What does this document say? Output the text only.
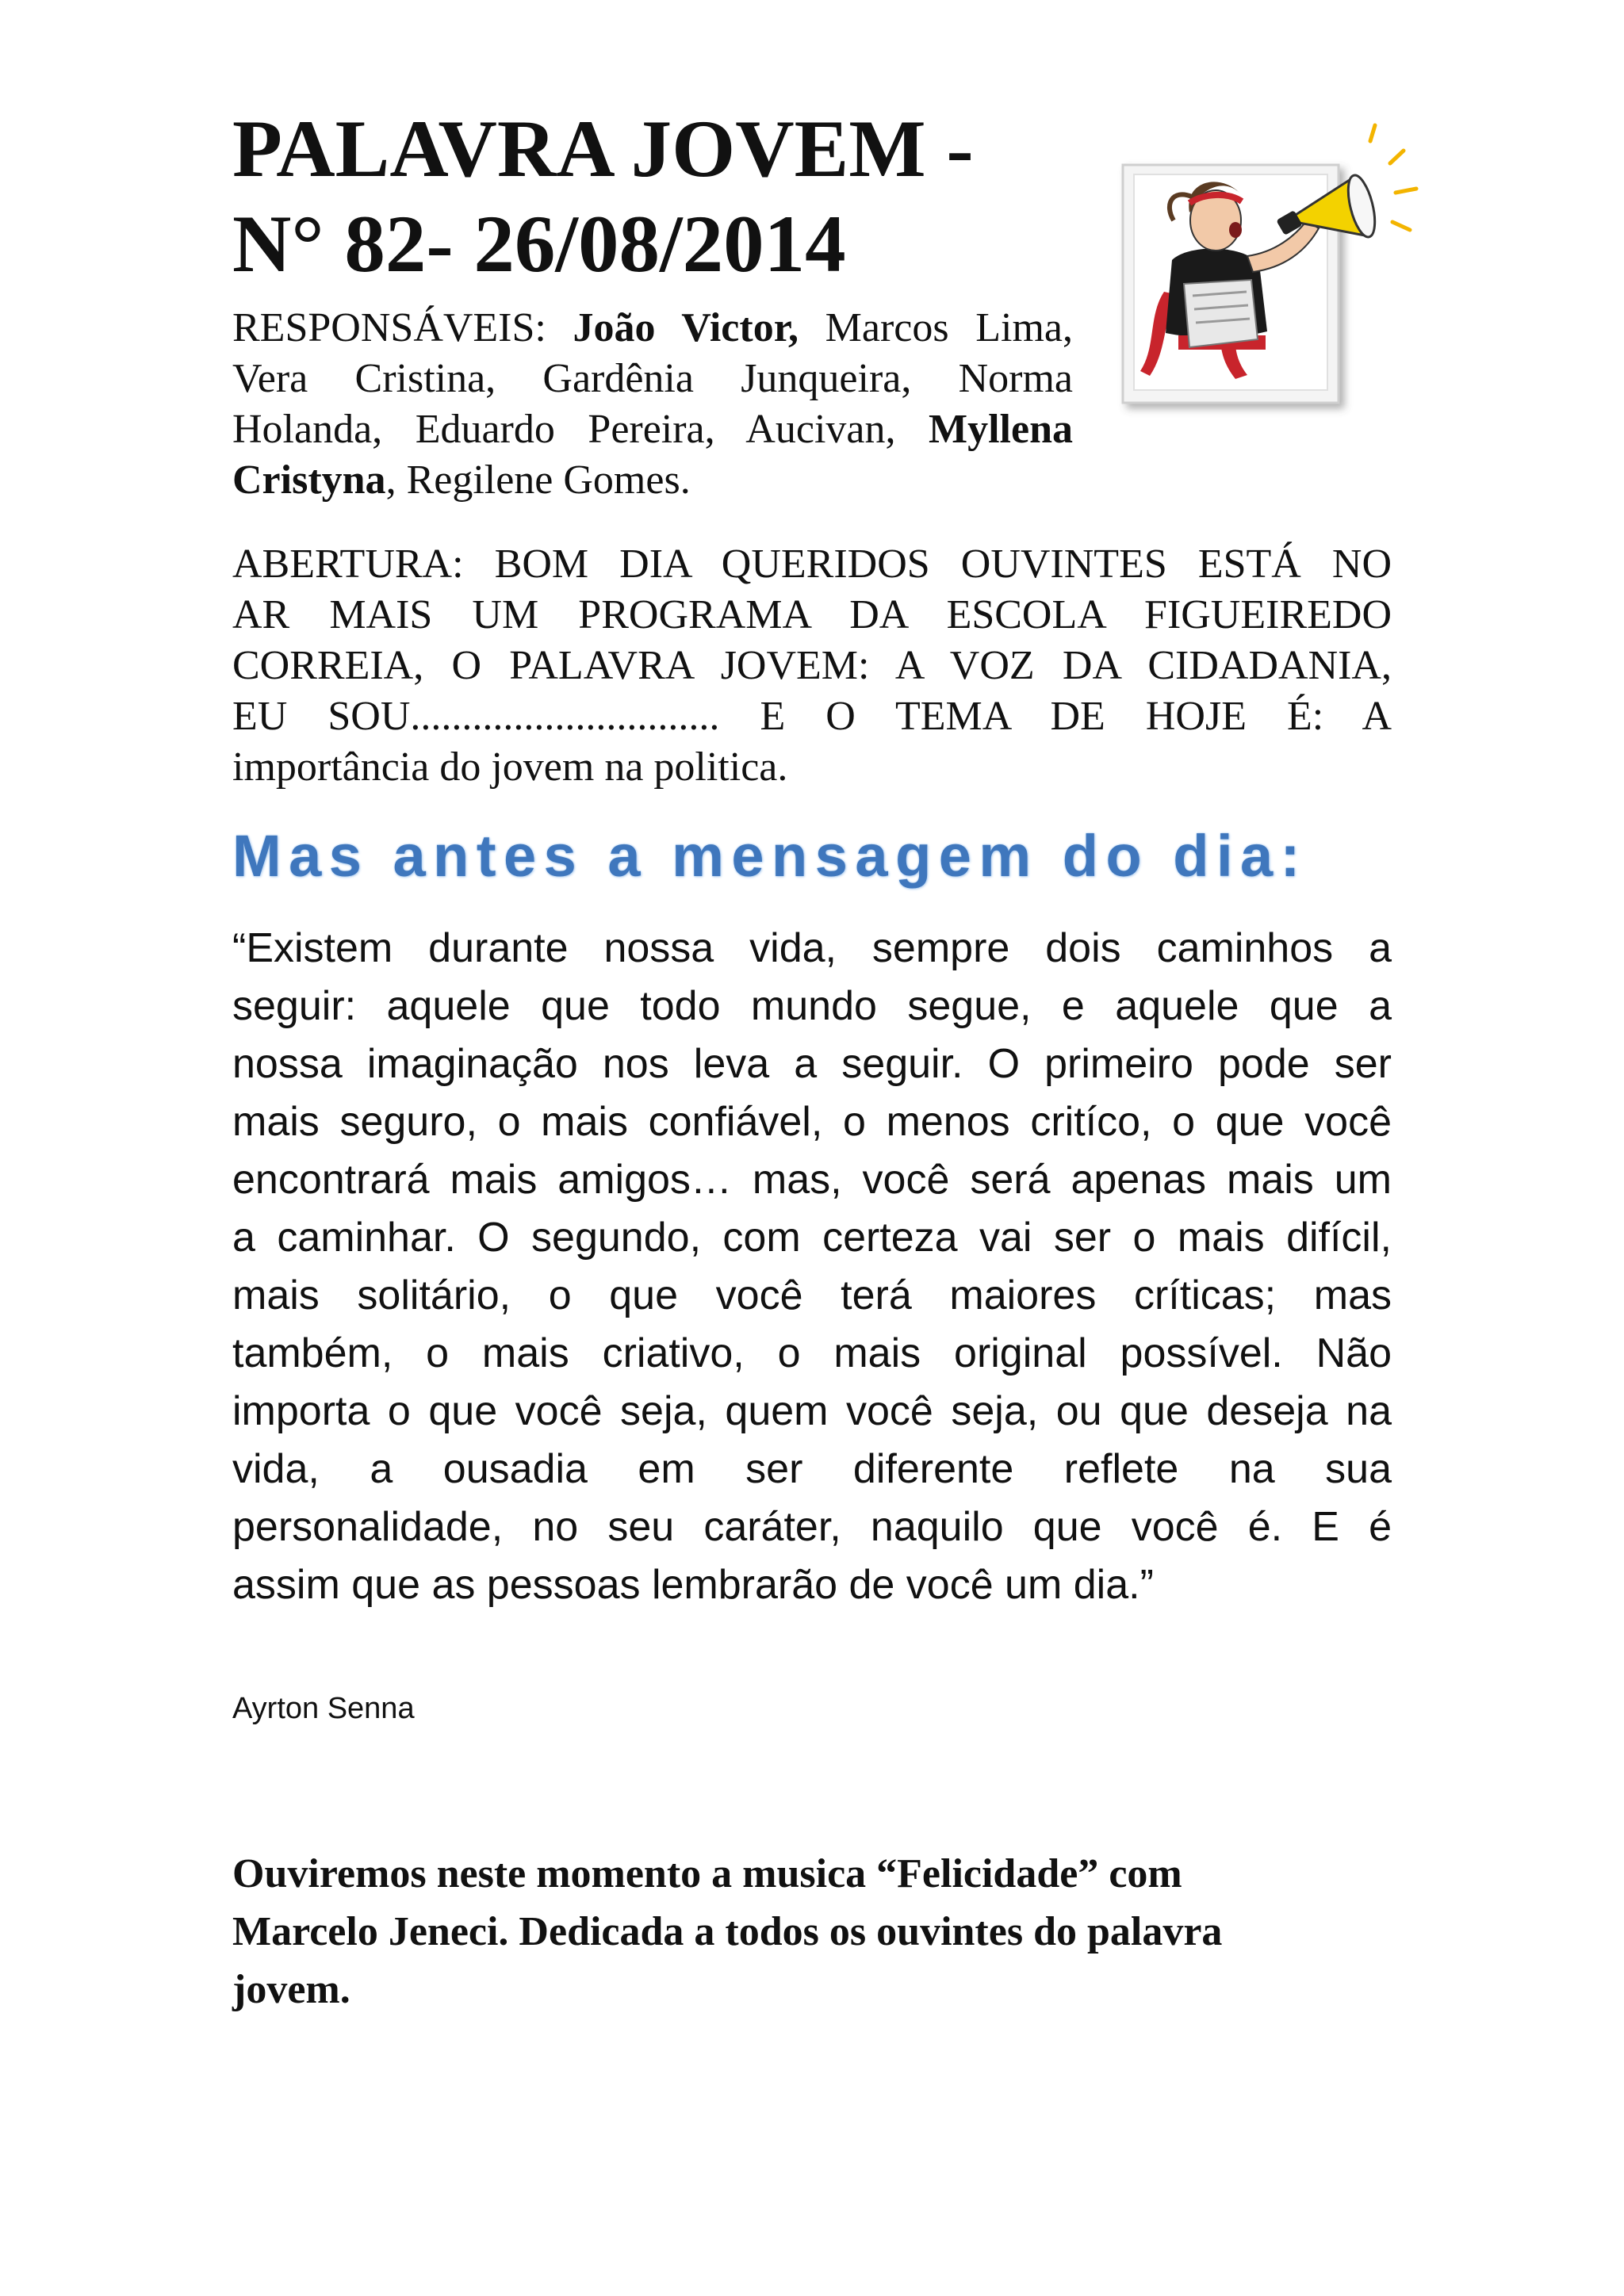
PALAVRA JOVEM -
N° 82- 26/08/2014

RESPONSÁVEIS: João Victor, Marcos Lima, Vera Cristina, Gardênia Junqueira, Norma Holanda, Eduardo Pereira, Aucivan, Myllena Cristyna, Regilene Gomes.

ABERTURA: BOM DIA QUERIDOS OUVINTES ESTÁ NO
AR MAIS UM PROGRAMA DA ESCOLA FIGUEIREDO
CORREIA, O PALAVRA JOVEM: A VOZ DA CIDADANIA,
EU SOU.............................. E O TEMA DE HOJE É: A
importância do jovem na politica.
Mas antes a mensagem do dia:
“Existem durante nossa vida, sempre dois caminhos a
seguir: aquele que todo mundo segue, e aquele que a
nossa imaginação nos leva a seguir. O primeiro pode ser
mais seguro, o mais confiável, o menos critíco, o que você
encontrará mais amigos… mas, você será apenas mais um
a caminhar. O segundo, com certeza vai ser o mais difícil,
mais solitário, o que você terá maiores críticas; mas
também, o mais criativo, o mais original possível. Não
importa o que você seja, quem você seja, ou que deseja na
vida, a ousadia em ser diferente reflete na sua
personalidade, no seu caráter, naquilo que você é. E é
assim que as pessoas lembrarão de você um dia.”

Ayrton Senna

Ouviremos neste momento a musica “Felicidade” com
Marcelo Jeneci. Dedicada a todos os ouvintes do palavra
jovem.
